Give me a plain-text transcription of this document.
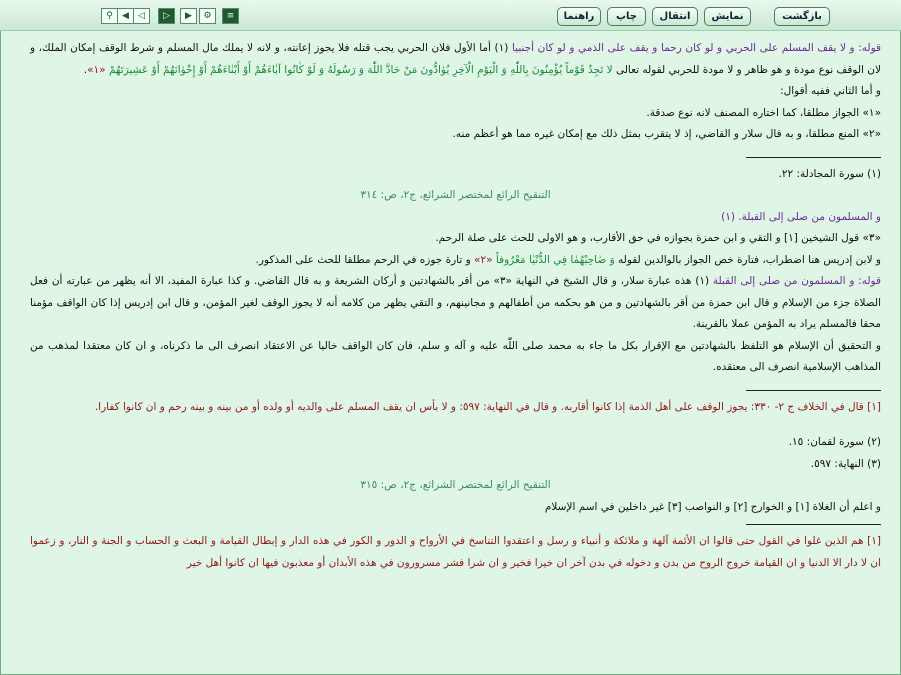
⚲	◀	◁	▷	▶	⚙	≡	راهنما	چاپ	انتقال	نمایش	بازگشت

قوله: و لا يقف المسلم على الحربي و لو كان رحما و يقف على الذمي و لو كان أجنبيا (١) أما الأول فلان الحربي يجب قتله فلا يجوز إعانته، و لانه لا يملك مال المسلم و شرط الوقف إمكان الملك، و لان الوقف نوع مودة و هو ظاهر و لا مودة للحربي لقوله تعالى لا تَجِدُ قَوْماً يُؤْمِنُونَ بِاللّٰهِ وَ الْيَوْمِ الْآخِرِ يُوٰادُّونَ مَنْ حَادَّ اللّٰهَ وَ رَسُولَهُ وَ لَوْ كٰانُوا آبٰاءَهُمْ أَوْ أَبْنٰاءَهُمْ أَوْ إِخْوٰانَهُمْ أَوْ عَشِيرَتَهُمْ «١».

و أما الثاني ففيه أقوال:

«١» الجواز مطلقا، كما اختاره المصنف لانه نوع صدقة.

«٢» المنع مطلقا، و به قال سلار و القاضي، إذ لا يتقرب بمثل ذلك مع إمكان غيره مما هو أعظم منه.

(١) سورة المجادلة: ٢٢.

التنقيح الرائع لمختصر الشرائع، ج٢، ص: ٣١٤

و المسلمون من صلى إلى القبلة. (١)

«٣» قول الشيخين [١] و التقي و ابن حمزة بجوازه في حق الأقارب، و هو الاولى للحث على صلة الرحم.

و لابن إدريس هنا اضطراب، فتارة خص الجواز بالوالدين لقوله وَ صٰاحِبْهُمٰا فِي الدُّنْيٰا مَعْرُوفاً «٢» و تارة جوزه في الرحم مطلقا للحث على المذكور.

قوله: و المسلمون من صلى إلى القبلة (١) هذه عبارة سلار، و قال الشيخ في النهاية «٣» من أقر بالشهادتين و أركان الشريعة و به قال القاضي. و كذا عبارة المفيد، الا أنه يظهر من عبارته أن فعل الصلاة جزء من الإسلام و قال ابن حمزة من أقر بالشهادتين و من هو بحكمه من أطفالهم و مجانينهم، و التقي يظهر من كلامه أنه لا يجوز الوقف لغير المؤمن، و قال ابن إدريس إذا كان الواقف مؤمنا محقا فالمسلم يراد به المؤمن عملا بالقرينة.

و التحقيق أن الإسلام هو التلفظ بالشهادتين مع الإقرار بكل ما جاء به محمد صلى اللّٰه عليه و آله و سلم، فان كان الواقف خاليا عن الاعتقاد انصرف الى ما ذكرناه، و ان كان معتقدا لمذهب من المذاهب الإسلامية انصرف الى معتقده.

[١] قال في الخلاف ج ٢- ٣٣٠: يجوز الوقف على أهل الذمة إذا كانوا أقاربه. و قال في النهاية: ٥٩٧: و لا بأس ان يقف المسلم على والديه أو ولده أو من بينه و بينه رحم و ان كانوا كفارا.

(٢) سورة لقمان: ١٥.

(٣) النهاية: ٥٩٧.

التنقيح الرائع لمختصر الشرائع، ج٢، ص: ٣١٥

و اعلم أن الغلاة [١] و الخوارج [٢] و النواصب [٣] غير داخلين في اسم الإسلام

[١] هم الذين غلوا في القول حتى قالوا ان الأئمة آلهة و ملائكة و أنبياء و رسل و اعتقدوا التناسخ في الأرواح و الدور و الكور في هذه الدار و إبطال القيامة و البعث و الحساب و الجنة و النار، و زعموا ان لا دار الا الدنيا و ان القيامة خروج الروح من بدن و دخوله في بدن آخر ان خيرا فخير و ان شرا فشر مسرورون في هذه الأبدان أو معذبون فيها ان كانوا أهل خير
